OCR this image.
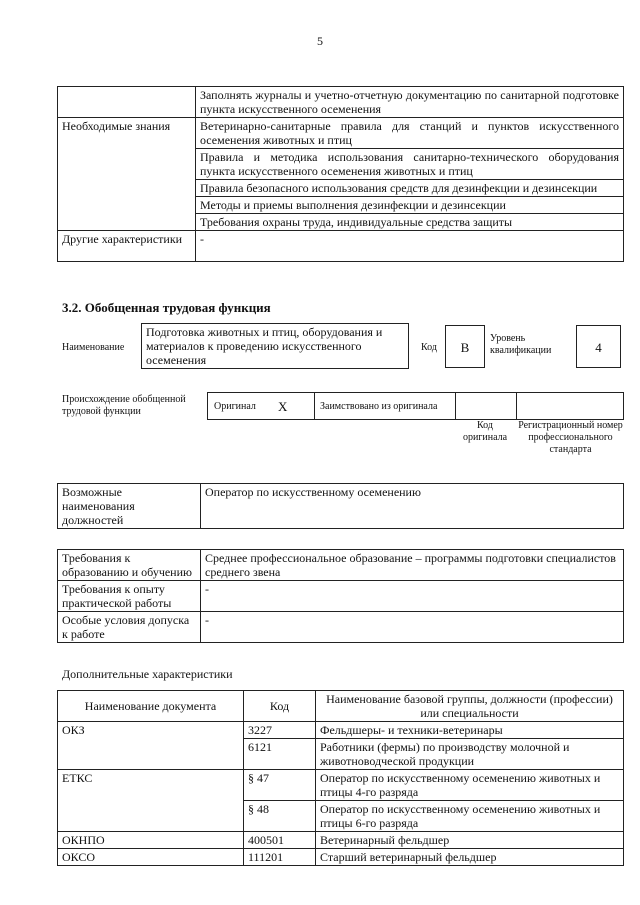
5
	Заполнять журналы и учетно-отчетную документацию по санитарной подготовке пункта искусственного осеменения
Необходимые знания	Ветеринарно-санитарные правила для станций и пунктов искусственного осеменения животных и птиц
	Правила и методика использования санитарно-технического оборудования пункта искусственного осеменения животных и птиц
	Правила безопасного использования средств для дезинфекции и дезинсекции
	Методы и приемы выполнения дезинфекции и дезинсекции
	Требования охраны труда, индивидуальные средства защиты
Другие характеристики	-
3.2. Обобщенная трудовая функция
Наименование
Подготовка животных и птиц, оборудования и материалов к проведению искусственного осеменения
Код	B
Уровень квалификации	4
Происхождение обобщенной трудовой функции	Оригинал X	Заимствовано из оригинала
Код оригинала
Регистрационный номер профессионального стандарта
Возможные наименования должностей	Оператор по искусственному осеменению
Требования к образованию и обучению	Среднее профессиональное образование – программы подготовки специалистов среднего звена
Требования к опыту практической работы	-
Особые условия допуска к работе	-
Дополнительные характеристики
Наименование документа	Код	Наименование базовой группы, должности (профессии) или специальности
ОКЗ	3227	Фельдшеры- и техники-ветеринары
	6121	Работники (фермы) по производству молочной и животноводческой продукции
ЕТКС	§ 47	Оператор по искусственному осеменению животных и птицы 4-го разряда
	§ 48	Оператор по искусственному осеменению животных и птицы 6-го разряда
ОКНПО	400501	Ветеринарный фельдшер
ОКСО	111201	Старший ветеринарный фельдшер
